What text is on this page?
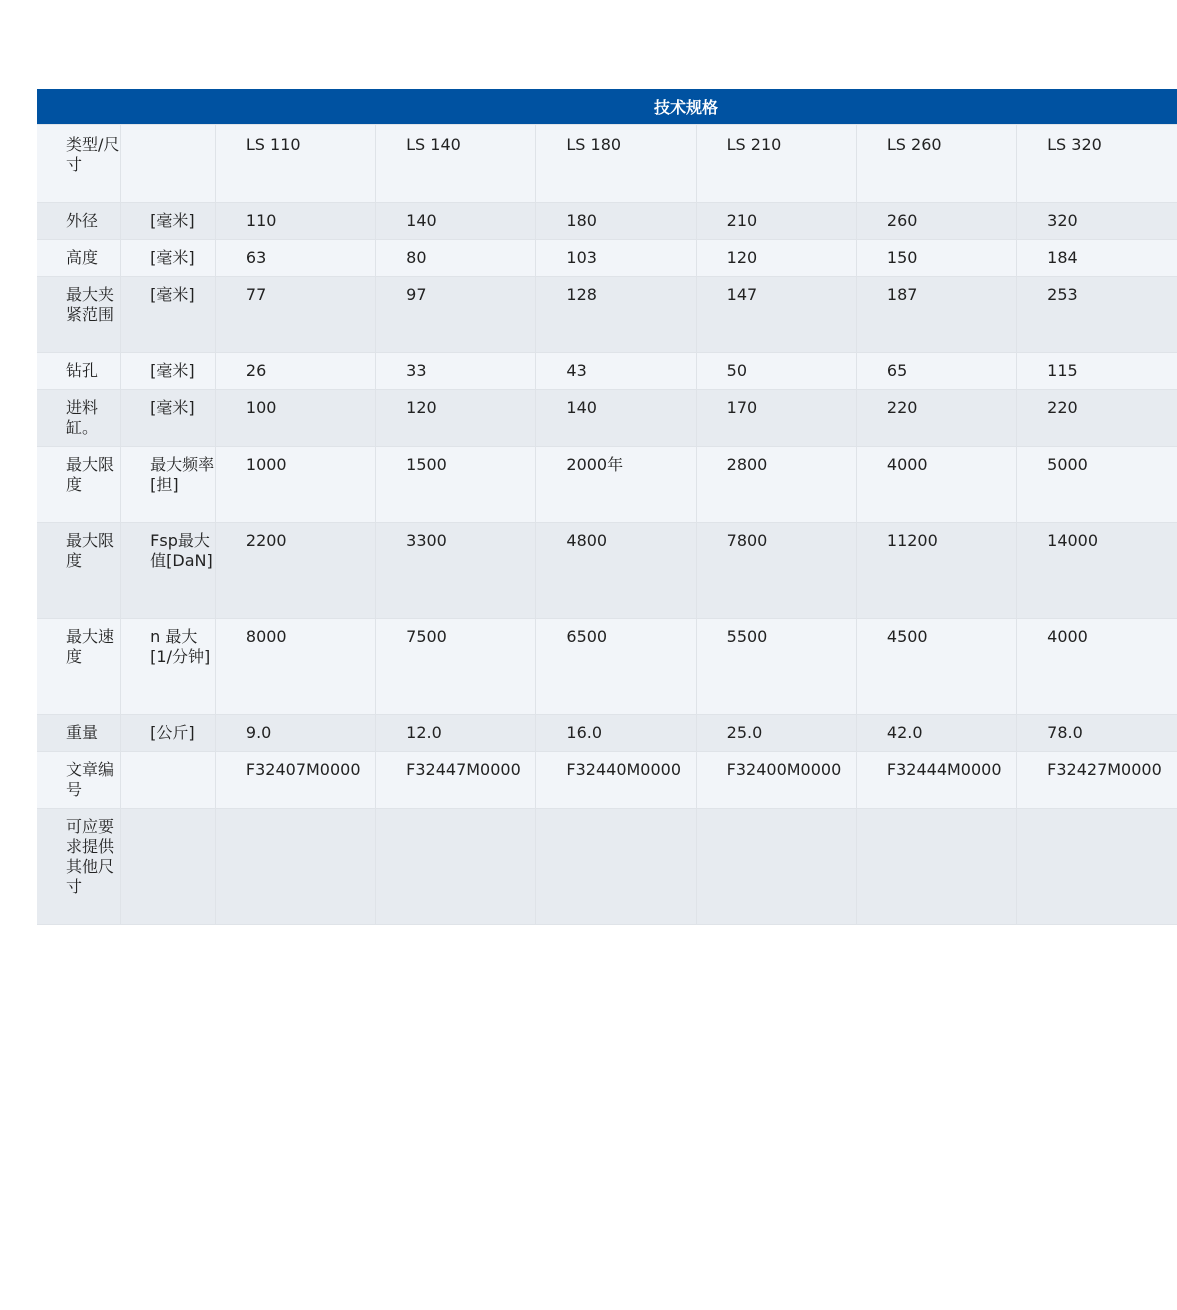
技术规格							

类型/尺寸		LS 110	LS 140	LS 180	LS 210	LS 260	LS 320

外径	[毫米]	110	140	180	210	260	320

高度	[毫米]	63	80	103	120	150	184

最大夹紧范围	[毫米]	77	97	128	147	187	253

钻孔	[毫米]	26	33	43	50	65	115

进料缸。	[毫米]	100	120	140	170	220	220

最大限度	最大频率[担]	1000	1500	2000年	2800	4000	5000

最大限度	Fsp最大值[DaN]	2200	3300	4800	7800	11200	14000

最大速度	n 最大[1/分钟]	8000	7500	6500	5500	4500	4000

重量	[公斤]	9.0	12.0	16.0	25.0	42.0	78.0

文章编号		F32407M0000	F32447M0000	F32440M0000	F32400M0000	F32444M0000	F32427M0000

可应要求提供其他尺寸							
